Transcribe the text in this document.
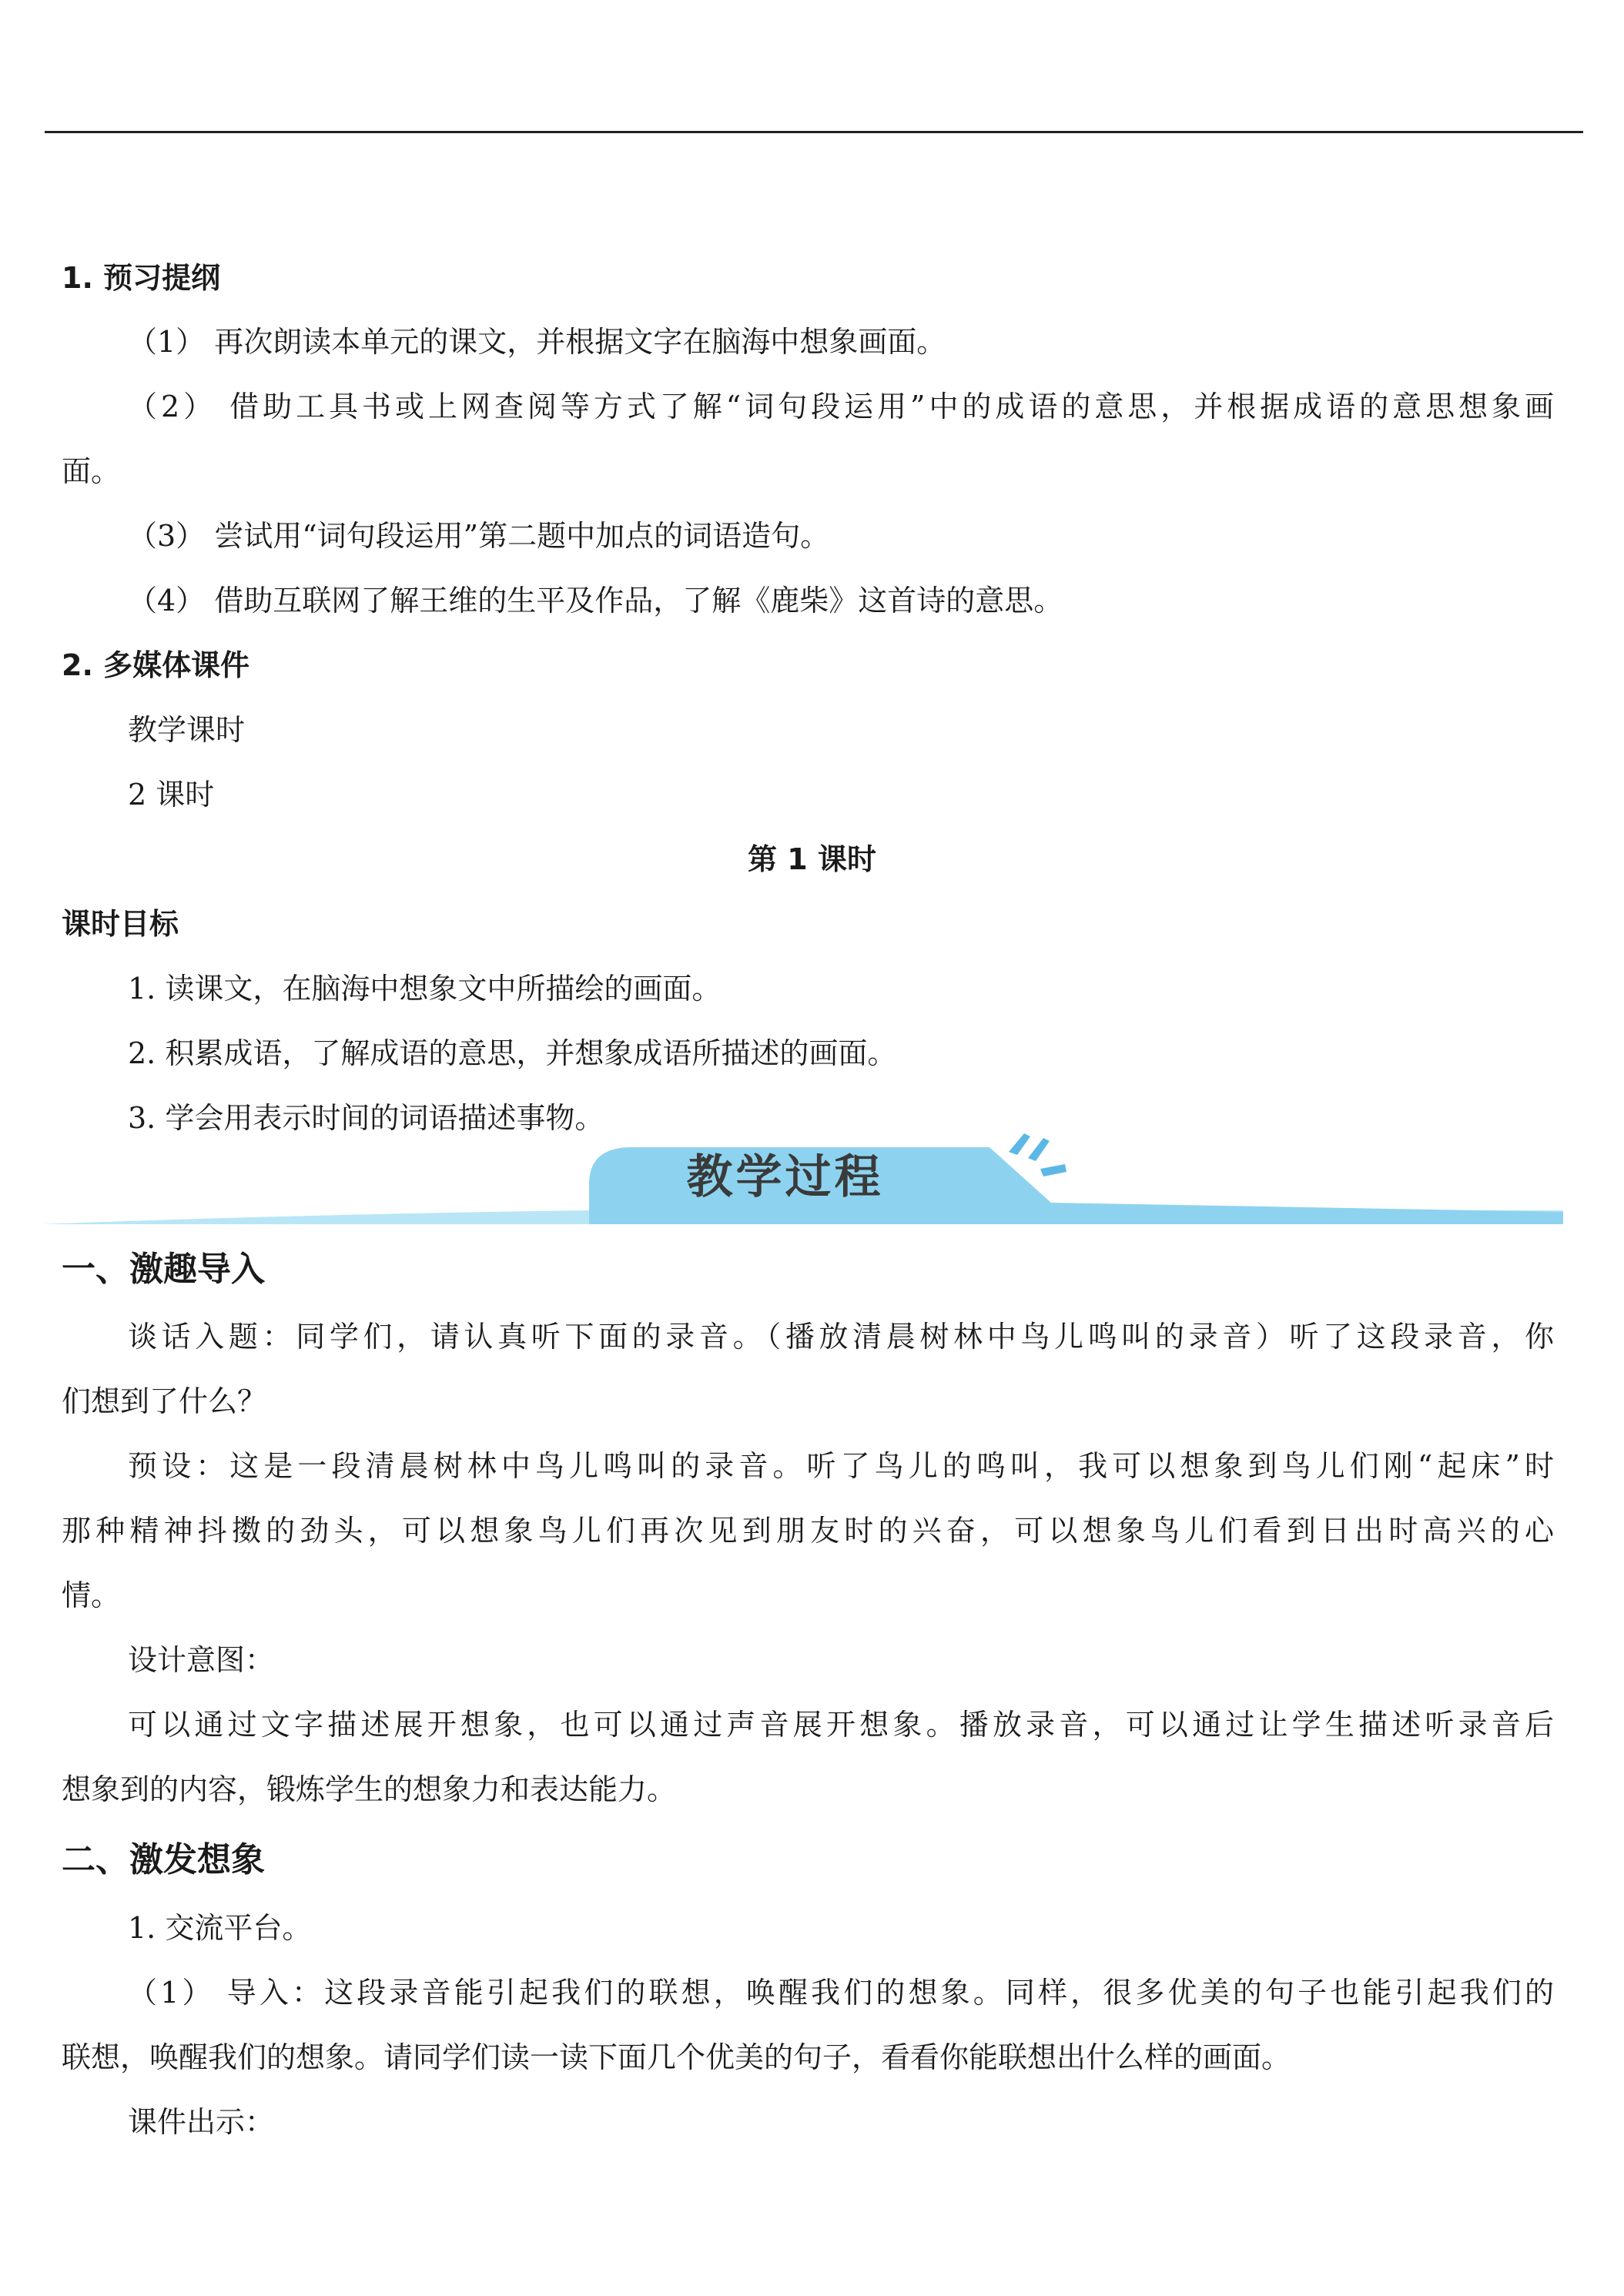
1. 预习提纲
（1） 再次朗读本单元的课文，并根据文字在脑海中想象画面。
（2） 借助工具书或上网查阅等方式了解“词句段运用”中的成语的意思，并根据成语的意思想象画
面。
（3） 尝试用“词句段运用”第二题中加点的词语造句。
（4） 借助互联网了解王维的生平及作品，了解《鹿柴》这首诗的意思。
2. 多媒体课件
教学课时
2 课时
第 1 课时
课时目标
1. 读课文，在脑海中想象文中所描绘的画面。
2. 积累成语，了解成语的意思，并想象成语所描述的画面。
3. 学会用表示时间的词语描述事物。
教学过程
一、激趣导入
谈话入题：同学们，请认真听下面的录音。（播放清晨树林中鸟儿鸣叫的录音）听了这段录音，你
们想到了什么？
预设：这是一段清晨树林中鸟儿鸣叫的录音。听了鸟儿的鸣叫，我可以想象到鸟儿们刚“起床”时
那种精神抖擞的劲头，可以想象鸟儿们再次见到朋友时的兴奋，可以想象鸟儿们看到日出时高兴的心
情。
设计意图：
可以通过文字描述展开想象，也可以通过声音展开想象。播放录音，可以通过让学生描述听录音后
想象到的内容，锻炼学生的想象力和表达能力。
二、激发想象
1. 交流平台。
（1） 导入：这段录音能引起我们的联想，唤醒我们的想象。同样，很多优美的句子也能引起我们的
联想，唤醒我们的想象。请同学们读一读下面几个优美的句子，看看你能联想出什么样的画面。
课件出示：
